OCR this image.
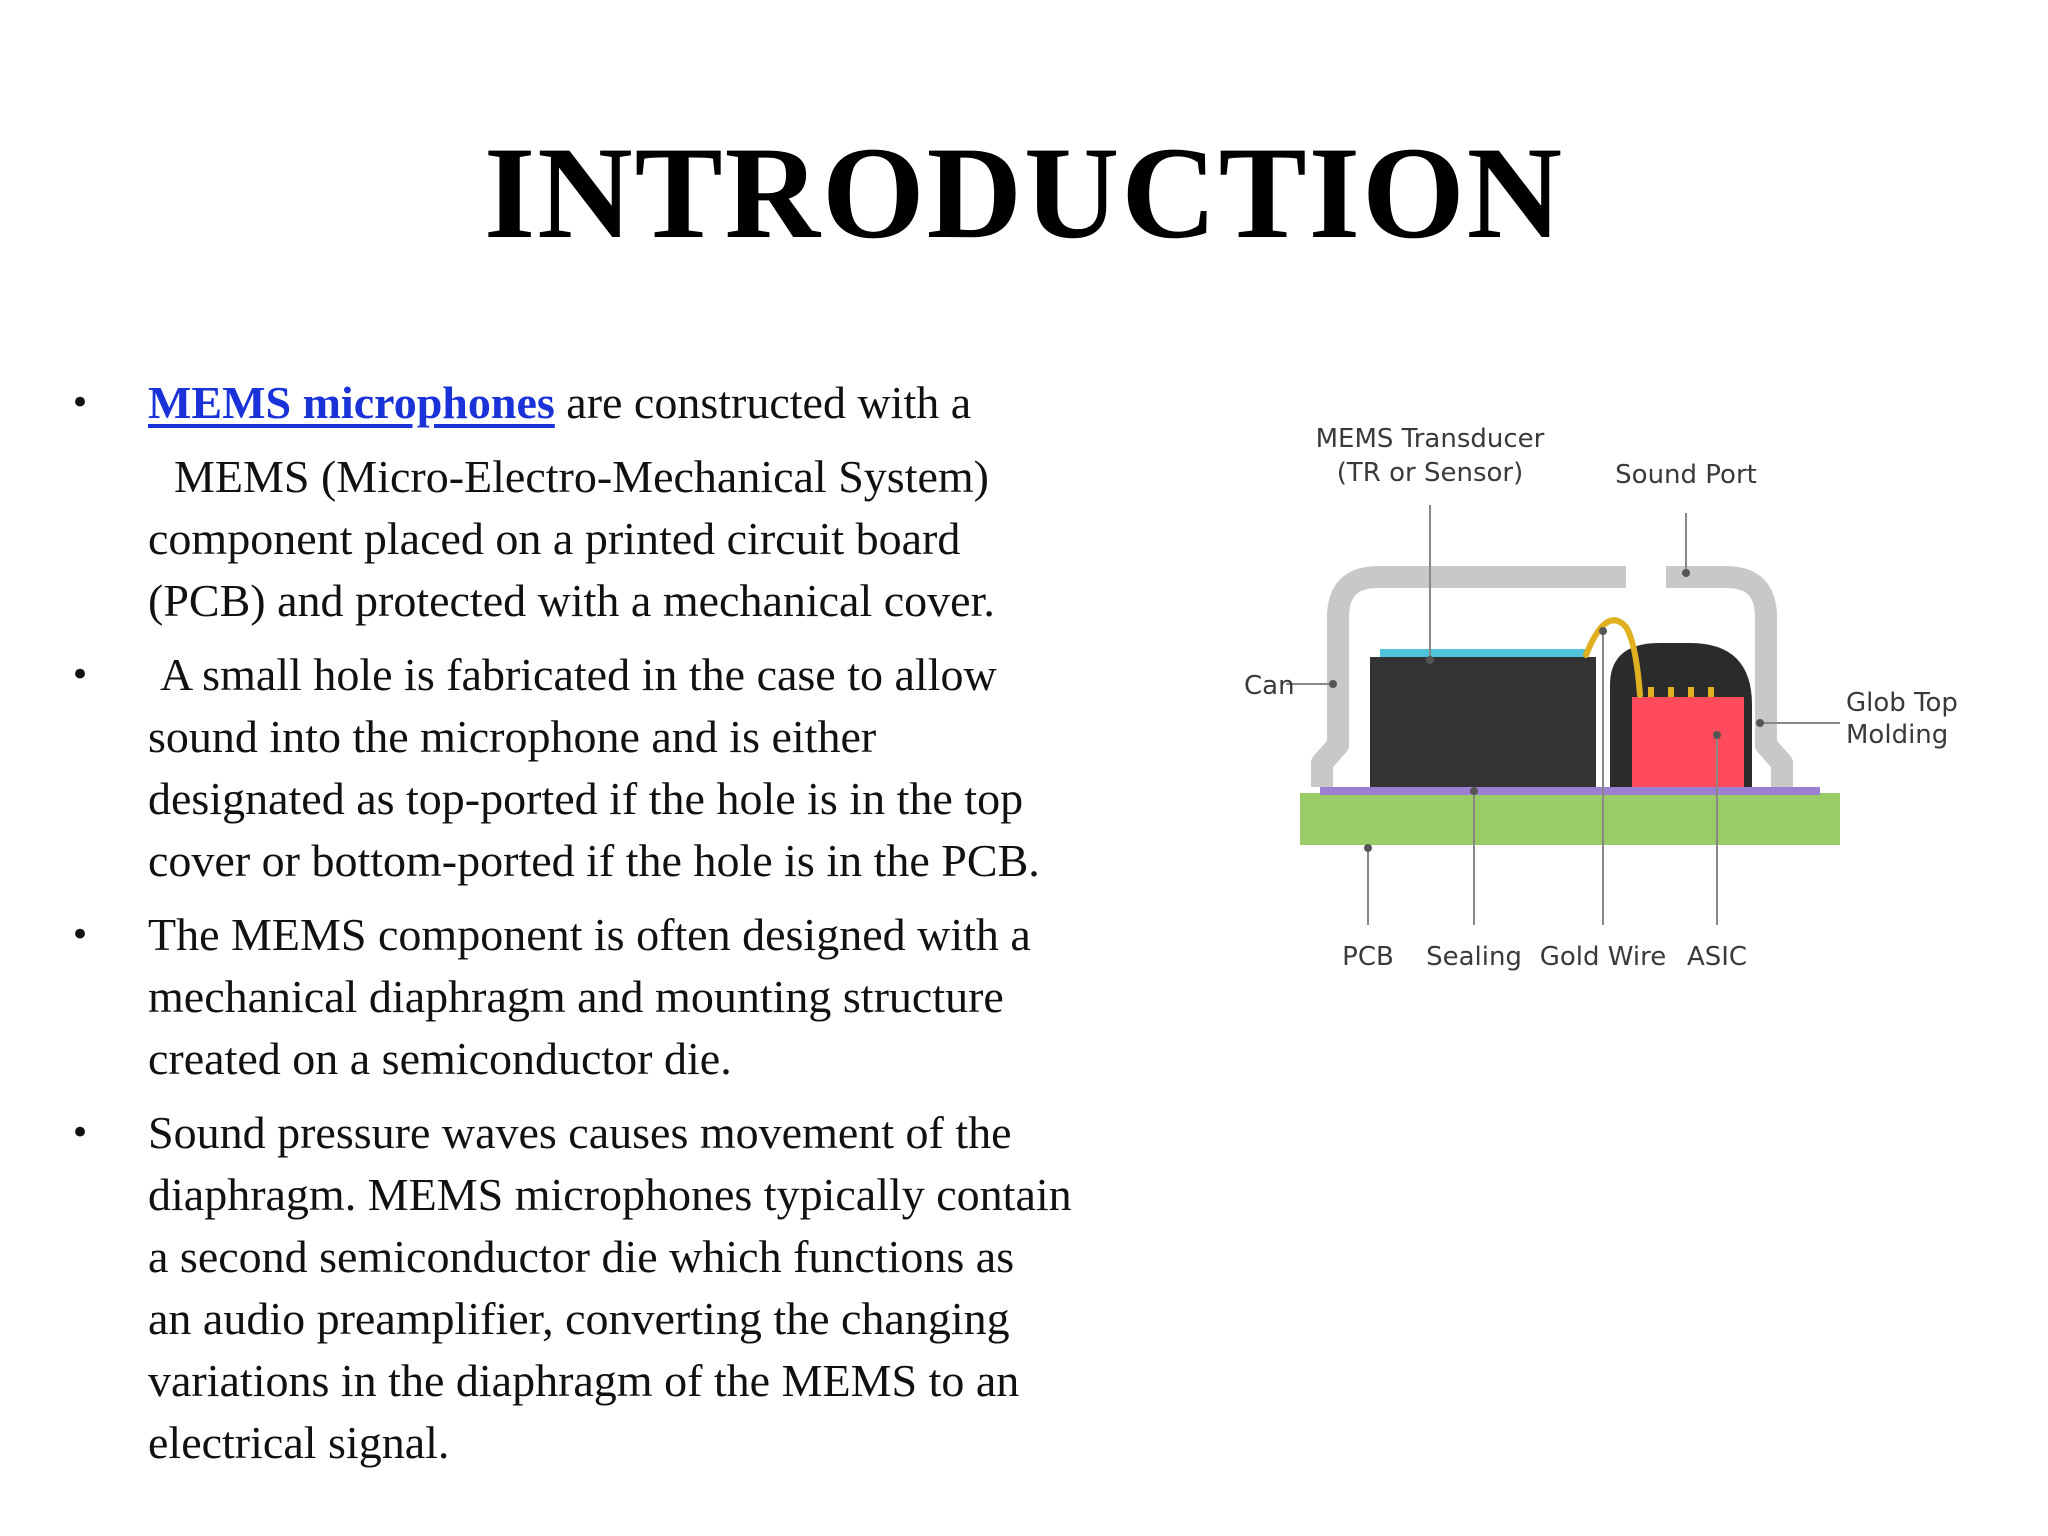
INTRODUCTION
• MEMS microphones are constructed with a
MEMS (Micro-Electro-Mechanical System)
component placed on a printed circuit board
(PCB) and protected with a mechanical cover.
• A small hole is fabricated in the case to allow
sound into the microphone and is either
designated as top-ported if the hole is in the top
cover or bottom-ported if the hole is in the PCB.
• The MEMS component is often designed with a
mechanical diaphragm and mounting structure
created on a semiconductor die.
• Sound pressure waves causes movement of the
diaphragm. MEMS microphones typically contain
a second semiconductor die which functions as
an audio preamplifier, converting the changing
variations in the diaphragm of the MEMS to an
electrical signal.
MEMS Transducer
(TR or Sensor)	Sound Port
Can
Glob Top
Molding
PCB Sealing Gold Wire ASIC
